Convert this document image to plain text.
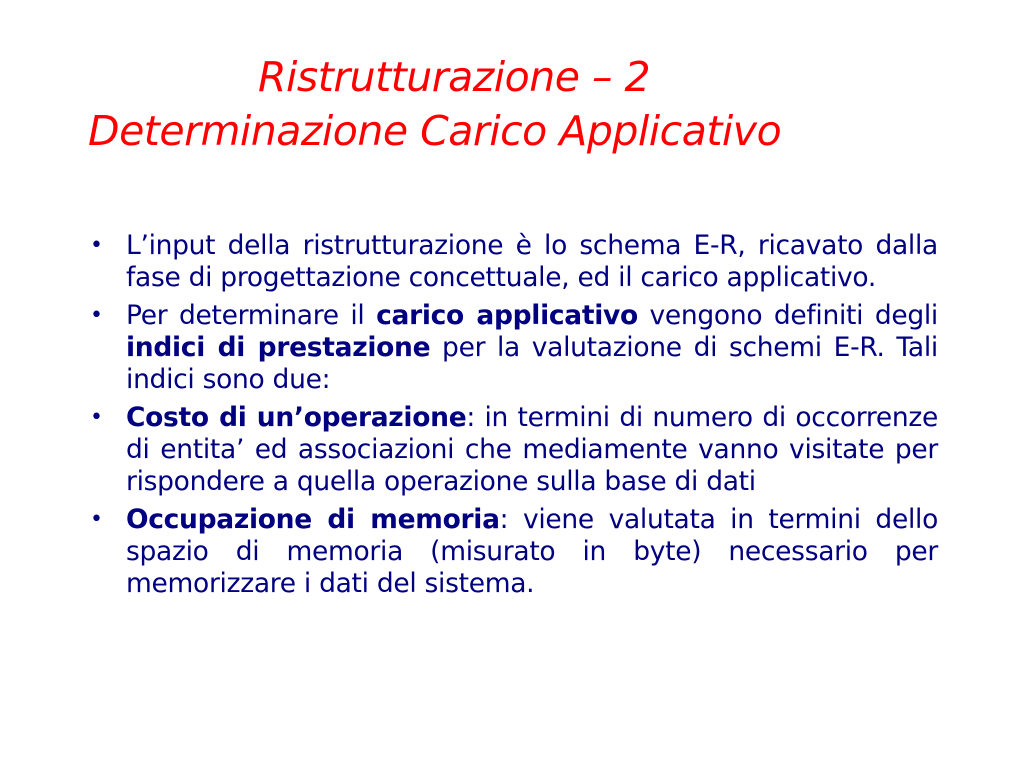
Ristrutturazione – 2
Determinazione Carico Applicativo
• L’input della ristrutturazione è lo schema E-R, ricavato dalla fase di progettazione concettuale, ed il carico applicativo.
• Per determinare il carico applicativo vengono definiti degli indici di prestazione per la valutazione di schemi E-R. Tali indici sono due:
• Costo di un’operazione: in termini di numero di occorrenze di entita’ ed associazioni che mediamente vanno visitate per rispondere a quella operazione sulla base di dati
• Occupazione di memoria: viene valutata in termini dello spazio di memoria (misurato in byte) necessario per memorizzare i dati del sistema.
